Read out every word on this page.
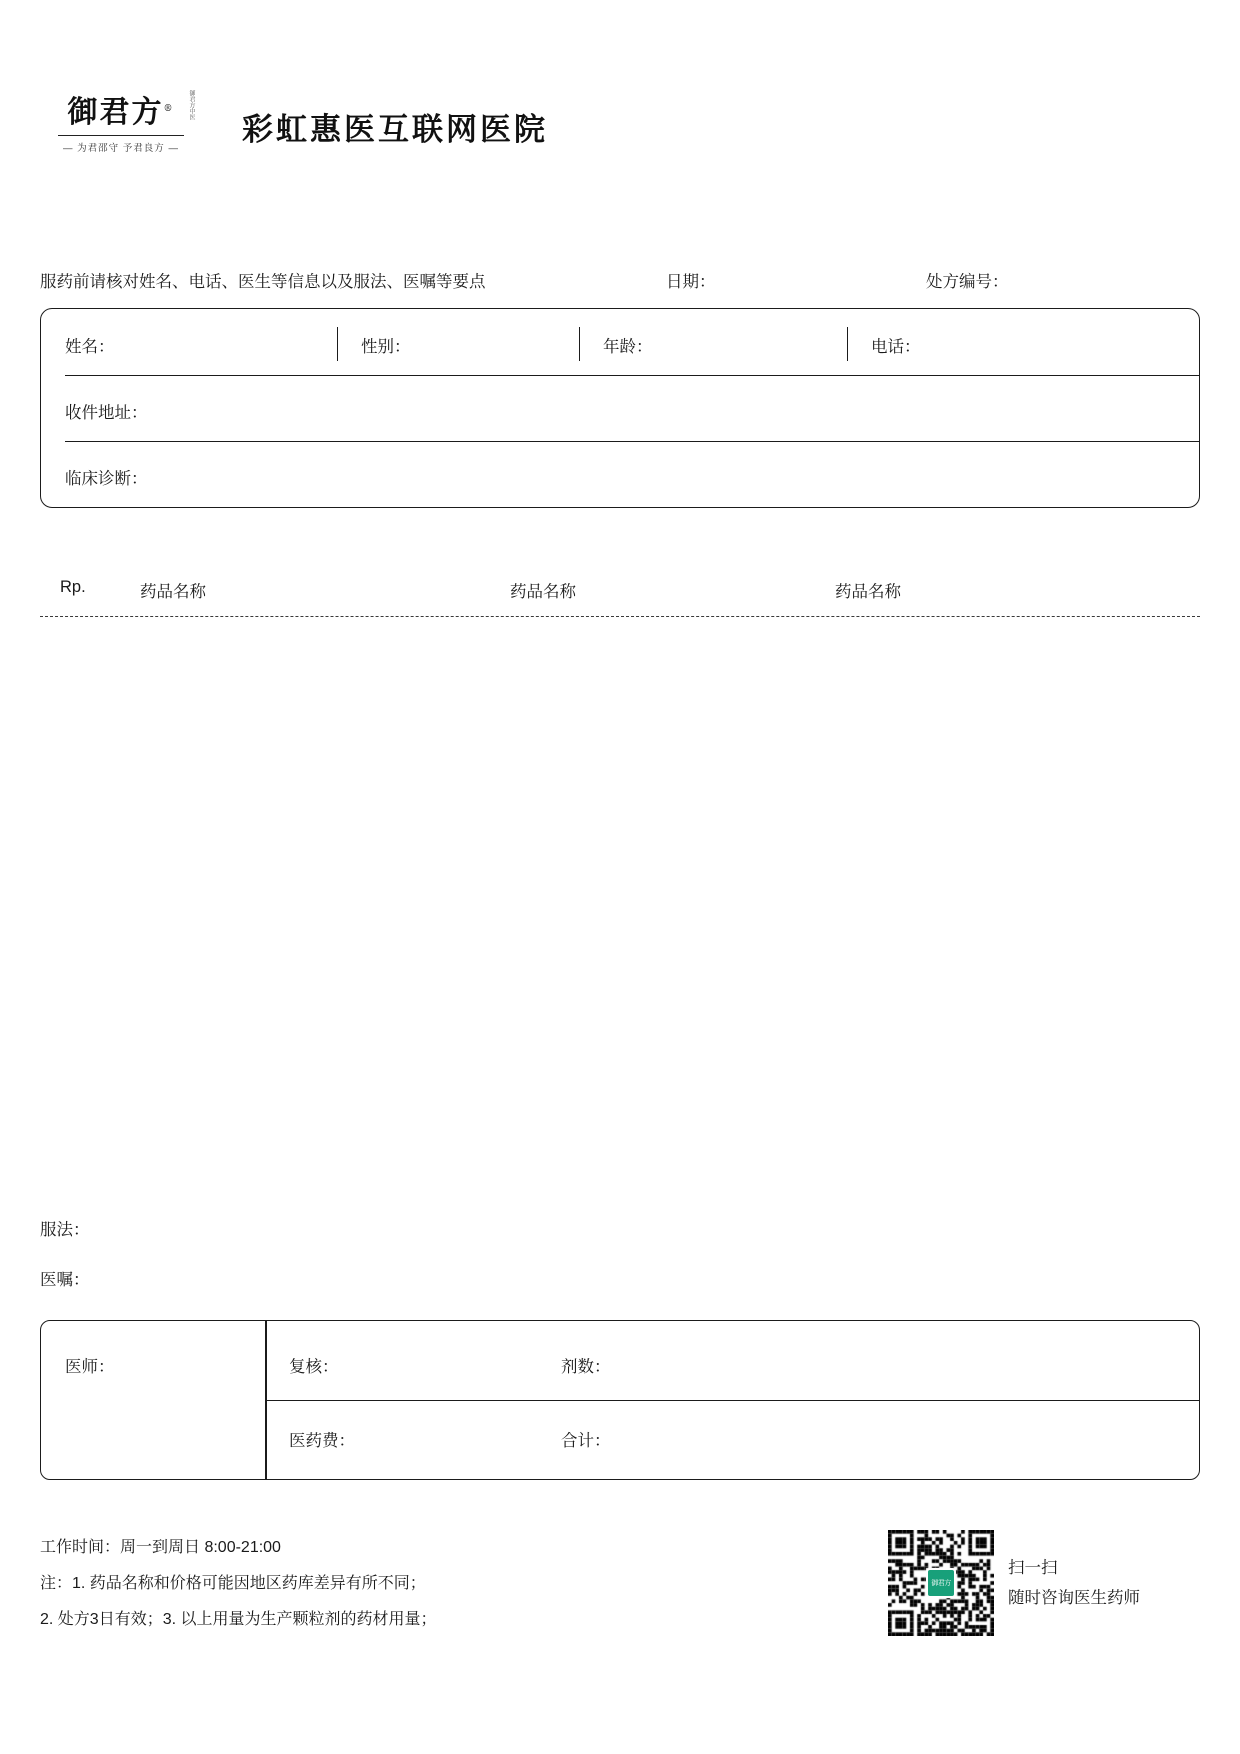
御君方®
— 为君邵守 予君良方 —
御君方中医
彩虹惠医互联网医院
服药前请核对姓名、电话、医生等信息以及服法、医嘱等要点	日期：	处方编号：
姓名：	性别：	年龄：	电话：
收件地址：
临床诊断：
Rp.	药品名称	药品名称	药品名称
服法：
医嘱：
医师：	复核：	剂数：
医药费：	合计：
工作时间：周一到周日 8:00-21:00
注：1. 药品名称和价格可能因地区药库差异有所不同；
2. 处方3日有效；3. 以上用量为生产颗粒剂的药材用量；
御君方
扫一扫
随时咨询医生药师
